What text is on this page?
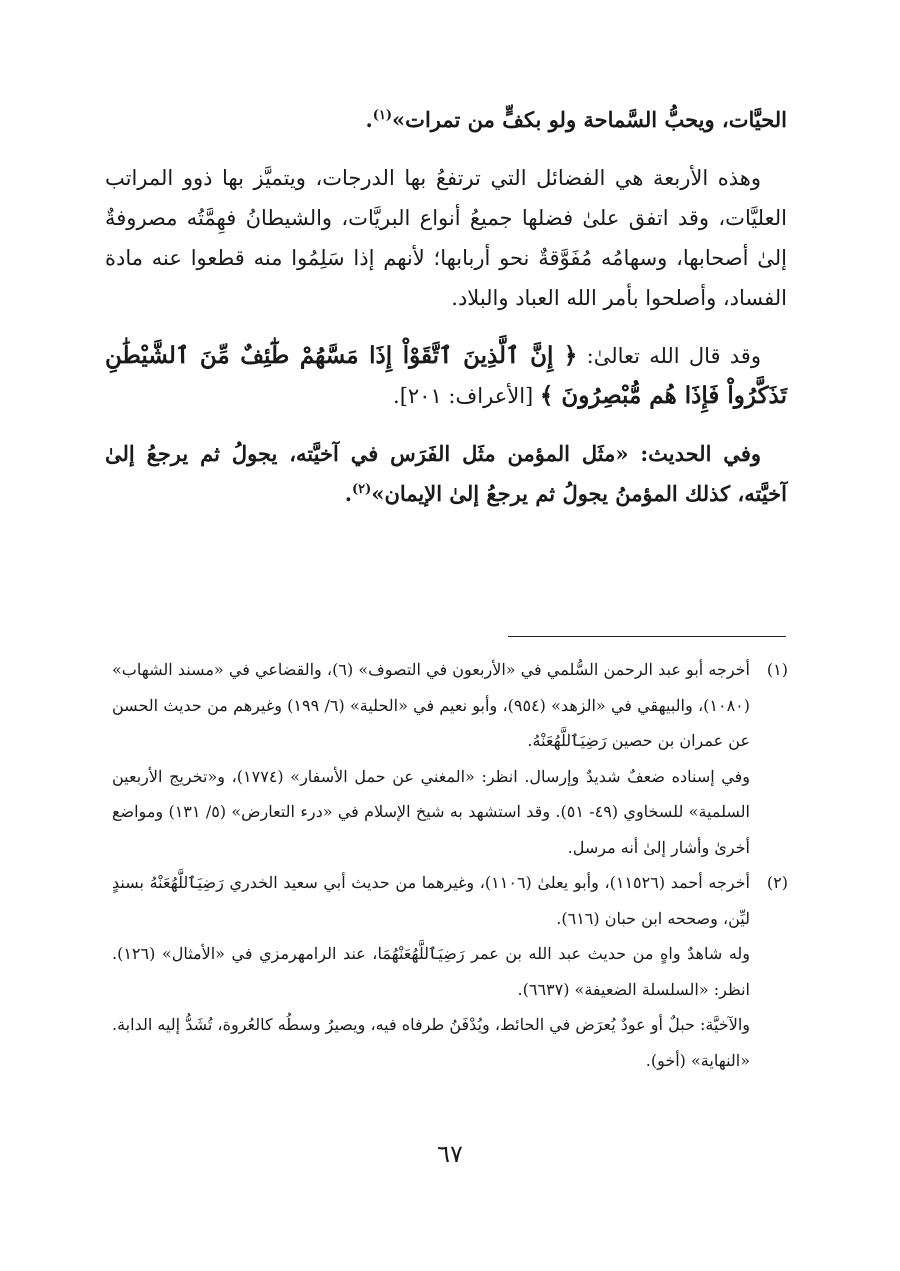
الحيَّات، ويحبُّ السَّماحة ولو بكفٍّ من تمرات»$^{(١)}$.

وهذه الأربعة هي الفضائل التي ترتفعُ بها الدرجات، ويتميَّز بها ذوو المراتب العليَّات، وقد اتفق علىٰ فضلها جميعُ أنواع البريَّات، والشيطانُ فهِمَّتُه مصروفةٌ إلىٰ أصحابها، وسهامُه مُفَوَّقةٌ نحو أربابها؛ لأنهم إذا سَلِمُوا منه قطعوا عنه مادة الفساد، وأصلحوا بأمر الله العباد والبلاد.

وقد قال الله تعالىٰ: ﴿ إِنَّ ٱلَّذِينَ ٱتَّقَوْاْ إِذَا مَسَّهُمْ طَٰٓئِفٌ مِّنَ ٱلشَّيْطَٰنِ تَذَكَّرُواْ فَإِذَا هُم مُّبْصِرُونَ ﴾ [الأعراف: ٢٠١].

وفي الحديث: «مثَل المؤمن مثَل الفَرَس في آخيَّته، يجولُ ثم يرجعُ إلىٰ آخيَّته، كذلك المؤمنُ يجولُ ثم يرجعُ إلىٰ الإيمان»$^{(٢)}$.

(١)

أخرجه أبو عبد الرحمن السُّلمي في «الأربعون في التصوف» (٦)، والقضاعي في «مسند الشهاب» (١٠٨٠)، والبيهقي في «الزهد» (٩٥٤)، وأبو نعيم في «الحلية» (٦/ ١٩٩) وغيرهم من حديث الحسن عن عمران بن حصين رَضِيَٱللَّهُعَنْهُ.

وفي إسناده ضعفٌ شديدٌ وإرسال. انظر: «المغني عن حمل الأسفار» (١٧٧٤)، و«تخريج الأربعين السلمية» للسخاوي (٤٩- ٥١). وقد استشهد به شيخ الإسلام في «درء التعارض» (٥/ ١٣١) ومواضع أخرىٰ وأشار إلىٰ أنه مرسل.

(٢)

أخرجه أحمد (١١٥٢٦)، وأبو يعلىٰ (١١٠٦)، وغيرهما من حديث أبي سعيد الخدري رَضِيَٱللَّهُعَنْهُ بسندٍ ليِّن، وصححه ابن حبان (٦١٦).

وله شاهدٌ واهٍ من حديث عبد الله بن عمر رَضِيَٱللَّهُعَنْهُمَا، عند الرامهرمزي في «الأمثال» (١٢٦). انظر: «السلسلة الضعيفة» (٦٦٣٧).

والآخيَّة: حبلٌ أو عودٌ يُعرَض في الحائط، ويُدْفَنُ طرفاه فيه، ويصيرُ وسطُه كالعُروة، تُشَدُّ إليه الدابة. «النهاية» (أخو).

٦٧
